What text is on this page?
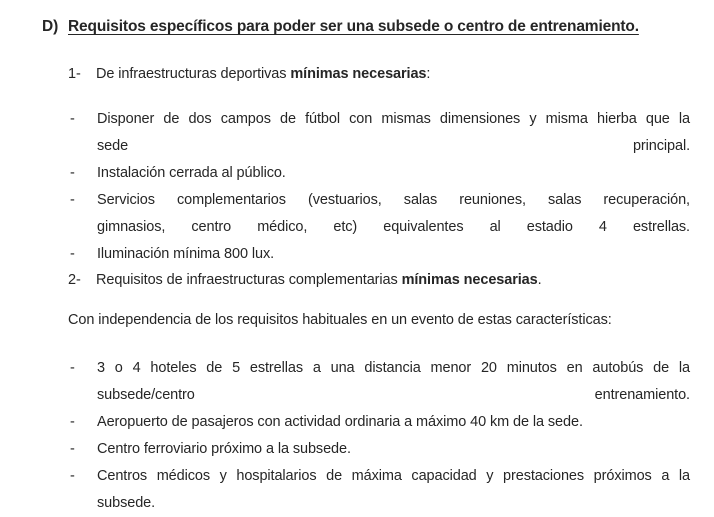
D) Requisitos específicos para poder ser una subsede o centro de entrenamiento.
1-	De infraestructuras deportivas mínimas necesarias:
-	Disponer de dos campos de fútbol con mismas dimensiones y misma hierba que la
sede principal.
-	Instalación cerrada al público.
-	Servicios complementarios (vestuarios, salas reuniones, salas recuperación,
gimnasios, centro médico, etc) equivalentes al estadio 4 estrellas.
-	Iluminación mínima 800 lux.
2-	Requisitos de infraestructuras complementarias mínimas necesarias.
Con independencia de los requisitos habituales en un evento de estas características:
-	3 o 4 hoteles de 5 estrellas a una distancia menor 20 minutos en autobús de la
subsede/centro entrenamiento.
-	Aeropuerto de pasajeros con actividad ordinaria a máximo 40 km de la sede.
-	Centro ferroviario próximo a la subsede.
-	Centros médicos y hospitalarios de máxima capacidad y prestaciones próximos a la
subsede.
